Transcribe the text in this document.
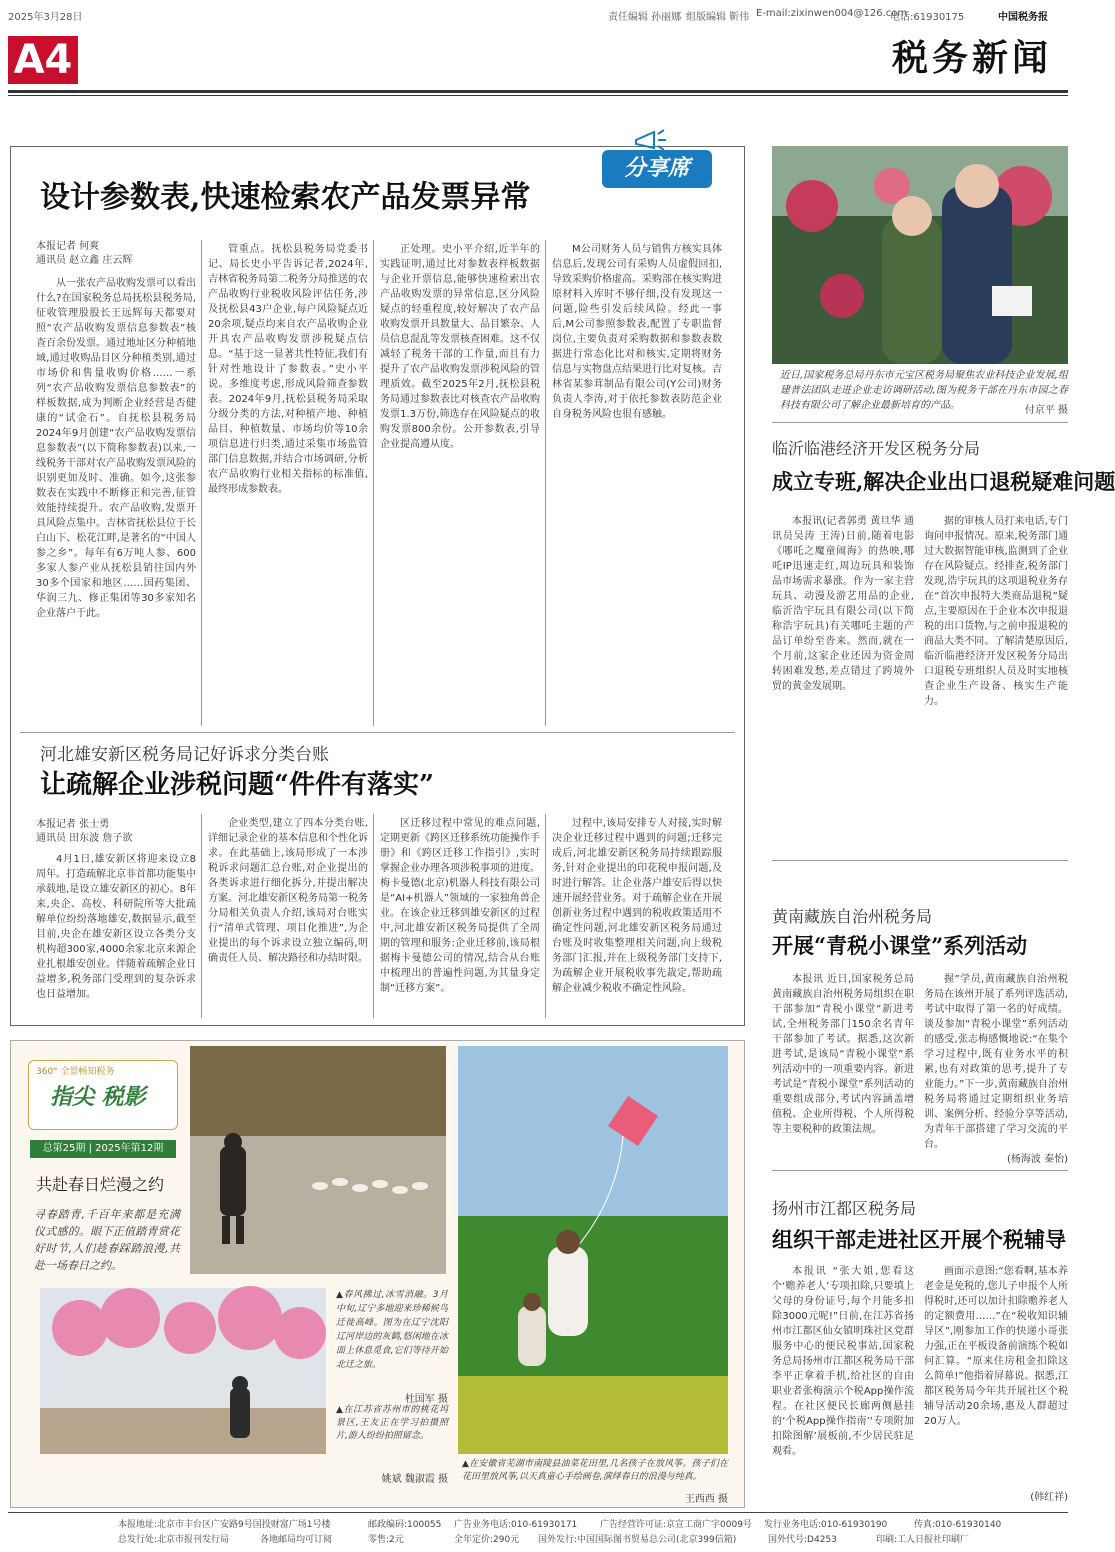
2025年3月28日	责任编辑 孙丽娜 组版编辑 靳伟 E-mail:zixinwen004@126.com
电话:61930175	中国税务报
A4	税务新闻
分享席
设计参数表,快速检索农产品发票异常
本报记者 何爽
通讯员 赵立鑫 庄云辉

从一张农产品收购发票可以看出什么?在国家税务总局抚松县税务局,征收管理股股长王远辉每天都要对照“农产品收购发票信息参数表”核查百余份发票。通过地址区分种植地域,通过收购品目区分种植类别,通过市场价和售量收购价格……一系列“农产品收购发票信息参数表”的样板数据,成为判断企业经营是否健康的“试金石”。自抚松县税务局2024年9月创建“农产品收购发票信息参数表”(以下简称参数表)以来,一线税务干部对农产品收购发票风险的识别更加及时、准确。如今,这张参数表在实践中不断修正和完善,征管效能持续提升。农产品收购,发票开具风险点集中。吉林省抚松县位于长白山下、松花江畔,是著名的“中国人参之乡”。每年有6万吨人参、600多家人参产业从抚松县销往国内外30多个国家和地区……国药集团、华润三九、修正集团等30多家知名企业落户于此。

管重点。抚松县税务局党委书记、局长史小平告诉记者,2024年,吉林省税务局第二税务分局推送的农产品收购行业税收风险评估任务,涉及抚松县43户企业,每户风险疑点近20余项,疑点均来自农产品收购企业开具农产品收购发票涉税疑点信息。“基于这一显著共性特征,我们有针对性地设计了参数表。”史小平说。多维度考虑,形成风险筛查参数表。2024年9月,抚松县税务局采取分级分类的方法,对种植产地、种植品目、种植数量、市场均价等10余项信息进行归类,通过采集市场监管部门信息数据,并结合市场调研,分析农产品收购行业相关指标的标准值,最终形成参数表。

正处理。史小平介绍,近半年的实践证明,通过比对参数表样板数据与企业开票信息,能够快速检索出农产品收购发票的异常信息,区分风险疑点的轻重程度,较好解决了农产品收购发票开具数量大、品目繁杂、人员信息混乱等发票核查困难。这不仅减轻了税务干部的工作量,而且有力提升了农产品收购发票涉税风险的管理质效。截至2025年2月,抚松县税务局通过参数表比对核查农产品收购发票1.3万份,筛选存在风险疑点的收购发票800余份。公开参数表,引导企业提高遵从度。

M公司财务人员与销售方核实具体信息后,发现公司有采购人员虚假回扣,导致采购价格虚高。采购部在核实购进原材料入库时不够仔细,没有发现这一问题,险些引发后续风险。经此一事后,M公司参照参数表,配置了专职监督岗位,主要负责对采购数据和参数表数据进行常态化比对和核实,定期将财务信息与实物盘点结果进行比对复核。吉林省某参茸制品有限公司(Y公司)财务负责人李涛,对于依托参数表防范企业自身税务风险也很有感触。

河北雄安新区税务局记好诉求分类台账
让疏解企业涉税问题“件件有落实”
本报记者 张士勇
通讯员 田东波 詹子欲

4月1日,雄安新区将迎来设立8周年。打造疏解北京非首都功能集中承载地,是设立雄安新区的初心。8年来,央企、高校、科研院所等大批疏解单位纷纷落地雄安,数据显示,截至目前,央企在雄安新区设立各类分支机构超300家,4000余家北京来源企业扎根雄安创业。伴随着疏解企业日益增多,税务部门受理到的复杂诉求也日益增加。

企业类型,建立了四本分类台账,详细记录企业的基本信息和个性化诉求。在此基础上,该局形成了一本涉税诉求问题汇总台账,对企业提出的各类诉求进行细化拆分,并提出解决方案。河北雄安新区税务局第一税务分局相关负责人介绍,该局对台账实行“清单式管理、项目化推进”,为企业提出的每个诉求设立独立编码,明确责任人员、解决路径和办结时限。

区迁移过程中常见的难点问题,定期更新《跨区迁移系统功能操作手册》和《跨区迁移工作指引》,实时掌握企业办理各项涉税事项的进度。梅卡曼德(北京)机器人科技有限公司是“AI+机器人”领域的一家独角兽企业。在该企业迁移到雄安新区的过程中,河北雄安新区税务局提供了全周期的管理和服务:企业迁移前,该局根据梅卡曼德公司的情况,结合从台账中梳理出的普遍性问题,为其量身定制“迁移方案”。

过程中,该局安排专人对接,实时解决企业迁移过程中遇到的问题;迁移完成后,河北雄安新区税务局持续跟踪服务,针对企业提出的印花税申报问题,及时进行解答。让企业落户雄安后得以快速开展经营业务。对于疏解企业在开展创新业务过程中遇到的税收政策适用不确定性问题,河北雄安新区税务局通过台账及时收集整理相关问题,向上级税务部门汇报,并在上级税务部门支持下,为疏解企业开展税收事先裁定,帮助疏解企业减少税收不确定性风险。

近日,国家税务总局丹东市元宝区税务局聚焦农业科技企业发展,组建普法团队走进企业走访调研活动,图为税务干部在丹东市园之春科技有限公司了解企业最新培育的产品。	付京平 摄
临沂临港经济开发区税务分局
成立专班,解决企业出口退税疑难问题

本报讯(记者郭勇 黄旦华 通讯员吴涛 王涛)日前,随着电影《哪吒之魔童闹海》的热映,哪吒IP迅速走红,周边玩具和装饰品市场需求暴涨。作为一家主营玩具、动漫及游艺用品的企业,临沂浩宇玩具有限公司(以下简称浩宇玩具)有关哪吒主题的产品订单纷至沓来。然而,就在一个月前,这家企业还因为资金周转困难发愁,差点错过了跨境外贸的黄金发展期。

据的审核人员打来电话,专门询问申报情况。原来,税务部门通过大数据智能审核,监测到了企业存在风险疑点。经排查,税务部门发现,浩宇玩具的这项退税业务存在“首次申报特大类商品退税”疑点,主要原因在于企业本次申报退税的出口货物,与之前申报退税的商品大类不同。了解清楚原因后,临沂临港经济开发区税务分局出口退税专班组织人员及时实地核查企业生产设备、核实生产能力。

黄南藏族自治州税务局
开展“青税小课堂”系列活动

本报讯 近日,国家税务总局黄南藏族自治州税务局组织在职干部参加“青税小课堂”新进考试,全州税务部门150余名青年干部参加了考试。据悉,这次新进考试,是该局“青税小课堂”系列活动中的一项重要内容。新进考试是“青税小课堂”系列活动的重要组成部分,考试内容涵盖增值税、企业所得税、个人所得税等主要税种的政策法规。

握”学员,黄南藏族自治州税务局在该州开展了系列评选活动,考试中取得了第一名的好成绩。谈及参加“青税小课堂”系列活动的感受,张志梅感慨地说:“在集个学习过程中,既有业务水平的积累,也有对政策的思考,提升了专业能力。”下一步,黄南藏族自治州税务局将通过定期组织业务培训、案例分析、经验分享等活动,为青年干部搭建了学习交流的平台。

(杨海波 秦怡)
扬州市江都区税务局
组织干部走进社区开展个税辅导

本报讯 “张大姐,您看这个‘赡养老人’专项扣除,只要填上父母的身份证号,每个月能多扣除3000元呢!”日前,在江苏省扬州市江都区仙女镇明珠社区党群服务中心的便民税事站,国家税务总局扬州市江都区税务局干部李平正拿着手机,给社区的自由职业者张梅演示个税App操作流程。在社区便民长廊两侧悬挂的‘个税App操作指南’‘专项附加扣除图解’展板前,不少居民驻足观看。

画面示意图:“您看啊,基本养老金是免税的,您儿子申报个人所得税时,还可以加计扣除赡养老人的定额费用……”在“税收知识辅导区”,刚参加工作的快递小哥张力强,正在平板设备前演练个税如何汇算。“原来住房租金扣除这么简单!”他指着屏幕说。据悉,江都区税务局今年共开展社区个税辅导活动20余场,惠及人群超过20万人。

(韩红祥)
360° 全景畅知税务
指尖 税影
总第25期 | 2025年第12期
共赴春日烂漫之约
寻春踏青,千百年来都是充满仪式感的。眼下正值踏青赏花好时节,人们趁春踩踏浪漫,共赴一场春日之约。
▲春风拂过,冰雪消融。3月中旬,辽宁多地迎来珍稀候鸟迁徙高峰。图为在辽宁沈阳辽河岸边的灰鹤,悠闲地在冰面上休息觅食,它们等待开始北迁之旅。
杜国军 摄
▲在江苏省苏州市的桃花坞景区,王友正在学习拍摄照片,游人纷纷拍照留念。
姚斌 魏淑霞 摄
▲在安徽省芜湖市南陵县油菜花田里,几名孩子在放风筝。孩子们在花田里放风筝,以天真童心手绘画卷,演绎春日的浪漫与纯真。
王西西 摄
本报地址:北京市丰台区广安路9号国投财富广场1号楼	邮政编码:100055 广告业务电话:010-61930171	广告经营许可证:京宣工商广字0009号 发行业务电话:010-61930190	传真:010-61930140
总发行处:北京市报刊发行局	各地邮局均可订阅	零售:2元	全年定价:290元 国外发行:中国国际图书贸易总公司(北京399信箱)	国外代号:D4253	印刷:工人日报社印刷厂
